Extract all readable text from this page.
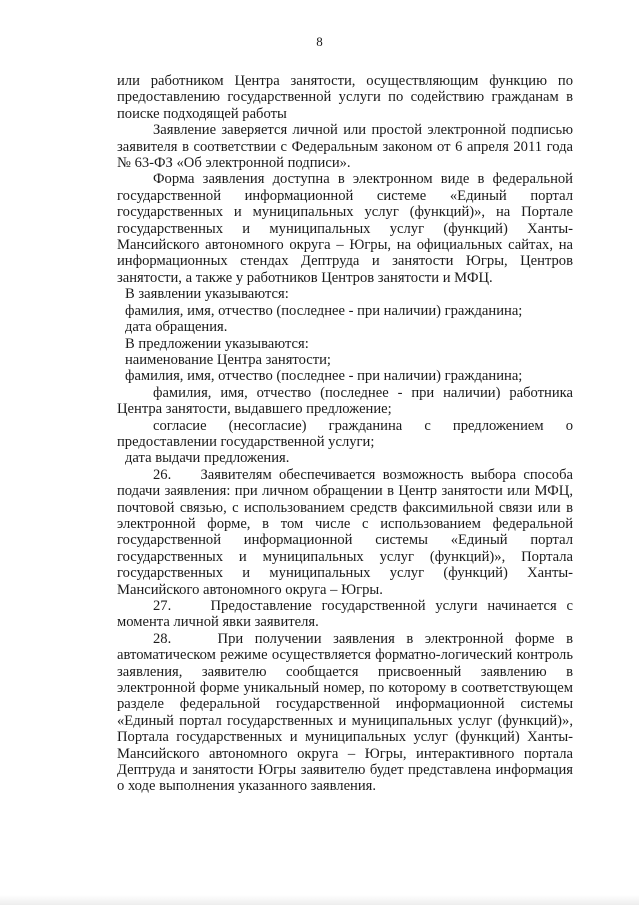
8

или работником Центра занятости, осуществляющим функцию по предоставлению государственной услуги по содействию гражданам в поиске подходящей работы

Заявление заверяется личной или простой электронной подписью заявителя в соответствии с Федеральным законом от 6 апреля 2011 года № 63-ФЗ «Об электронной подписи».

Форма заявления доступна в электронном виде в федеральной государственной информационной системе «Единый портал государственных и муниципальных услуг (функций)», на Портале государственных и муниципальных услуг (функций) Ханты-Мансийского автономного округа – Югры, на официальных сайтах, на информационных стендах Дептруда и занятости Югры, Центров занятости, а также у работников Центров занятости и МФЦ.

В заявлении указываются:

фамилия, имя, отчество (последнее - при наличии) гражданина;

дата обращения.

В предложении указываются:

наименование Центра занятости;

фамилия, имя, отчество (последнее - при наличии) гражданина;

фамилия, имя, отчество (последнее - при наличии) работника Центра занятости, выдавшего предложение;

согласие (несогласие) гражданина с предложением о предоставлении государственной услуги;

дата выдачи предложения.

26.    Заявителям обеспечивается возможность выбора способа подачи заявления: при личном обращении в Центр занятости или МФЦ, почтовой связью, с использованием средств факсимильной связи или в электронной форме, в том числе с использованием федеральной государственной информационной системы «Единый портал государственных и муниципальных услуг (функций)», Портала государственных и муниципальных услуг (функций) Ханты-Мансийского автономного округа – Югры.

27.    Предоставление государственной услуги начинается с момента личной явки заявителя.

28.    При получении заявления в электронной форме в автоматическом режиме осуществляется форматно-логический контроль заявления, заявителю сообщается присвоенный заявлению в электронной форме уникальный номер, по которому в соответствующем разделе федеральной государственной информационной системы «Единый портал государственных и муниципальных услуг (функций)», Портала государственных и муниципальных услуг (функций) Ханты-Мансийского автономного округа – Югры, интерактивного портала Дептруда и занятости Югры заявителю будет представлена информация о ходе выполнения указанного заявления.
